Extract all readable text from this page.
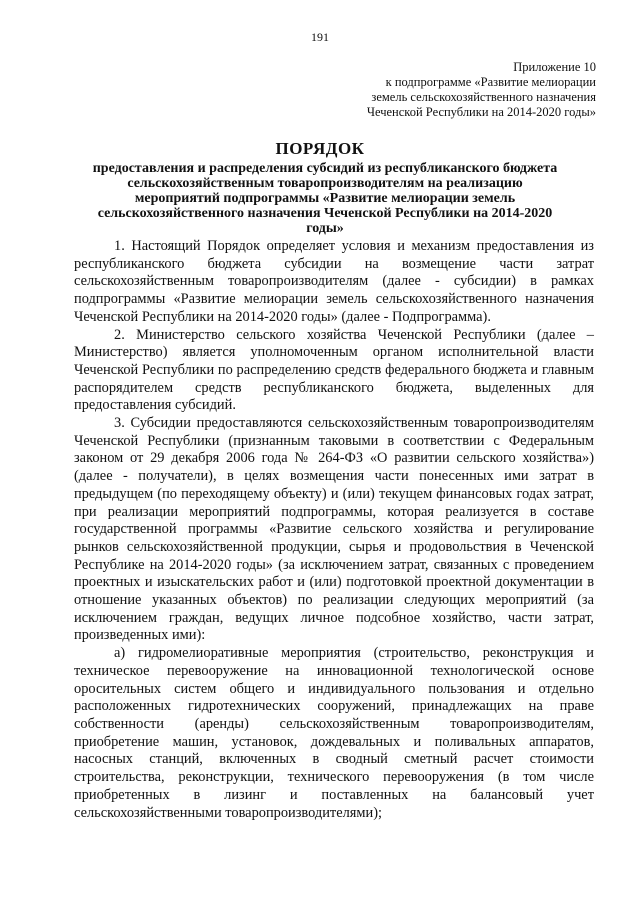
191
Приложение 10
к подпрограмме «Развитие мелиорации
земель сельскохозяйственного назначения
Чеченской Республики на 2014-2020 годы»
ПОРЯДОК
предоставления и распределения субсидий из республиканского бюджета
сельскохозяйственным товаропроизводителям на реализацию
мероприятий подпрограммы «Развитие мелиорации земель
сельскохозяйственного назначения Чеченской Республики на 2014-2020
годы»

1. Настоящий Порядок определяет условия и механизм предоставления из республиканского бюджета субсидии на возмещение части затрат сельскохозяйственным товаропроизводителям (далее - субсидии) в рамках подпрограммы «Развитие мелиорации земель сельскохозяйственного назначения Чеченской Республики на 2014-2020 годы» (далее - Подпрограмма).

2. Министерство сельского хозяйства Чеченской Республики (далее – Министерство) является уполномоченным органом исполнительной власти Чеченской Республики по распределению средств федерального бюджета и главным распорядителем средств республиканского бюджета, выделенных для предоставления субсидий.

3. Субсидии предоставляются сельскохозяйственным товаропроизводителям Чеченской Республики (признанным таковыми в соответствии с Федеральным законом от 29 декабря 2006 года № 264-ФЗ «О развитии сельского хозяйства») (далее - получатели), в целях возмещения части понесенных ими затрат в предыдущем (по переходящему объекту) и (или) текущем финансовых годах затрат, при реализации мероприятий подпрограммы, которая реализуется в составе государственной программы «Развитие сельского хозяйства и регулирование рынков сельскохозяйственной продукции, сырья и продовольствия в Чеченской Республике на 2014-2020 годы» (за исключением затрат, связанных с проведением проектных и изыскательских работ и (или) подготовкой проектной документации в отношение указанных объектов) по реализации следующих мероприятий (за исключением граждан, ведущих личное подсобное хозяйство, части затрат, произведенных ими):

а) гидромелиоративные мероприятия (строительство, реконструкция и техническое перевооружение на инновационной технологической основе оросительных систем общего и индивидуального пользования и отдельно расположенных гидротехнических сооружений, принадлежащих на праве собственности (аренды) сельскохозяйственным товаропроизводителям, приобретение машин, установок, дождевальных и поливальных аппаратов, насосных станций, включенных в сводный сметный расчет стоимости строительства, реконструкции, технического перевооружения (в том числе приобретенных в лизинг и поставленных на балансовый учет сельскохозяйственными товаропроизводителями);
